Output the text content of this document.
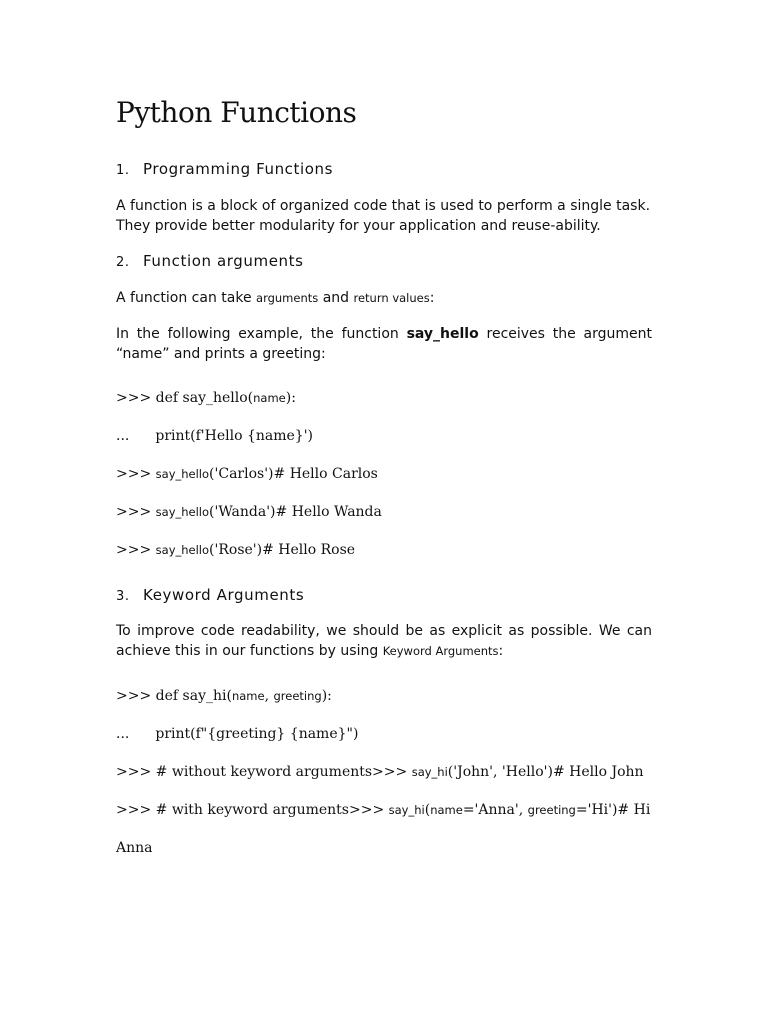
Python Functions
1. Programming Functions

A function is a block of organized code that is used to perform a single task. They provide better modularity for your application and reuse-ability.

2. Function arguments

A function can take arguments and return values:

In the following example, the function say_hello receives the argument “name” and prints a greeting:

>>> def say_hello(name):
... print(f'Hello {name}')
>>> say_hello('Carlos')# Hello Carlos
>>> say_hello('Wanda')# Hello Wanda
>>> say_hello('Rose')# Hello Rose
3. Keyword Arguments

To improve code readability, we should be as explicit as possible. We can achieve this in our functions by using Keyword Arguments:

>>> def say_hi(name, greeting):
... print(f"{greeting} {name}")
>>> # without keyword arguments>>> say_hi('John', 'Hello')# Hello John
>>> # with keyword arguments>>> say_hi(name='Anna', greeting='Hi')# Hi
Anna
